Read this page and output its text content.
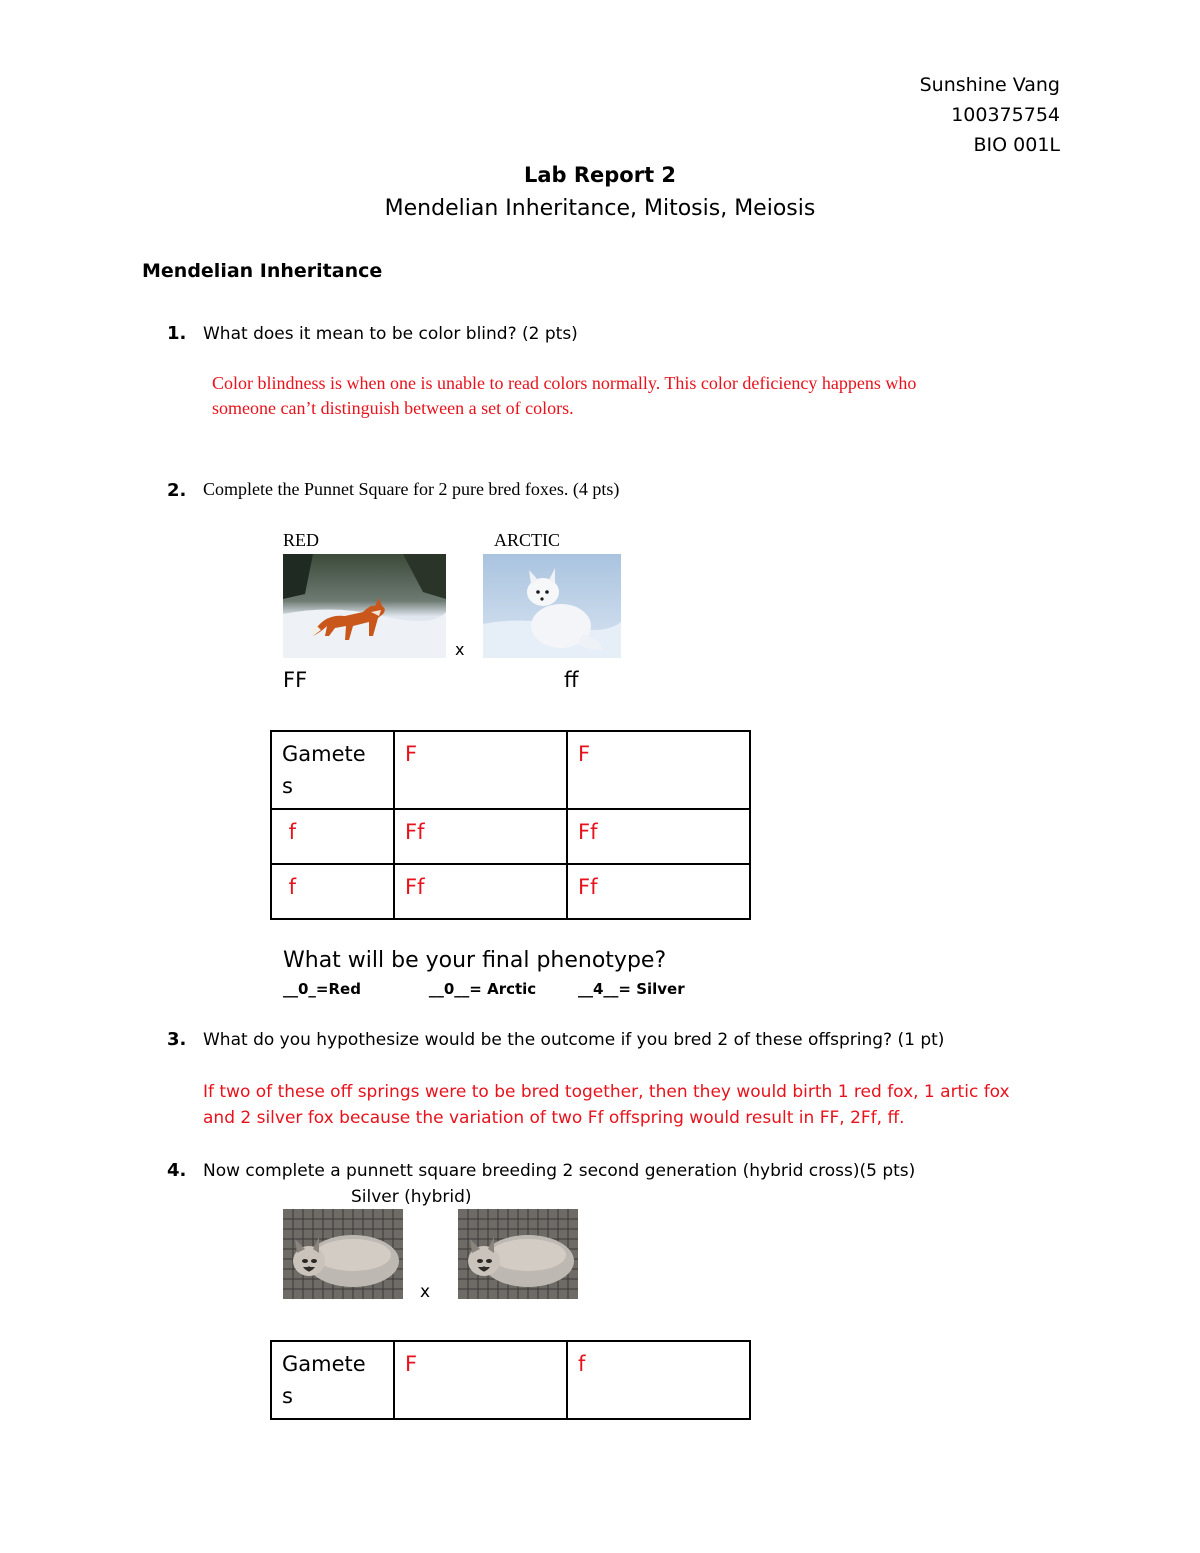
Sunshine Vang
100375754
BIO 001L
Lab Report 2
Mendelian Inheritance, Mitosis, Meiosis
Mendelian Inheritance
1. What does it mean to be color blind? (2 pts)
Color blindness is when one is unable to read colors normally. This color deficiency happens who
someone can’t distinguish between a set of colors.
2. Complete the Punnet Square for 2 pure bred foxes. (4 pts)
RED	ARCTIC
x
FF	ff
Gamete s	F	F
f	Ff	Ff
f	Ff	Ff
What will be your final phenotype?
__0_=Red             __0__= Arctic        __4__= Silver
3. What do you hypothesize would be the outcome if you bred 2 of these offspring? (1 pt)
If two of these off springs were to be bred together, then they would birth 1 red fox, 1 artic fox
and 2 silver fox because the variation of two Ff offspring would result in FF, 2Ff, ff.
4. Now complete a punnett square breeding 2 second generation (hybrid cross)(5 pts)
Silver (hybrid)
x
Gamete s	F	f
